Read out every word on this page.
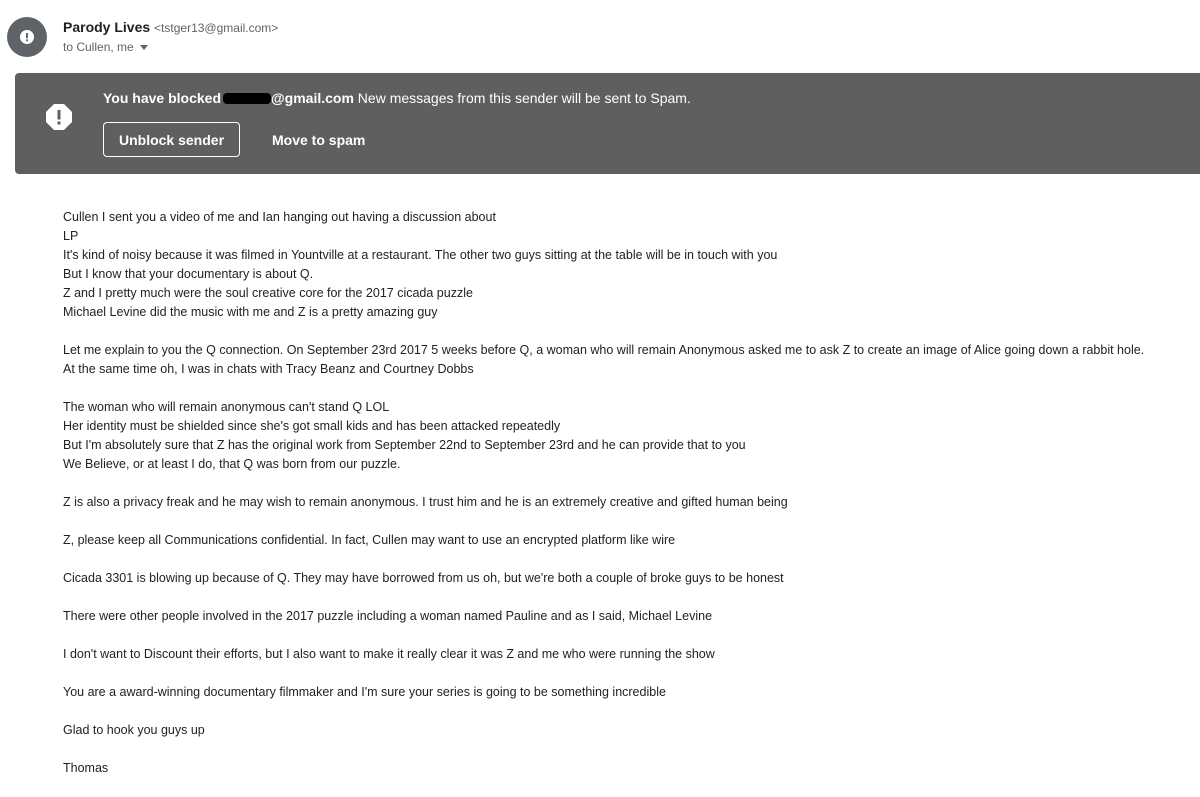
Parody Lives <tstger13@gmail.com>
to Cullen, me
You have blocked	@gmail.com New messages from this sender will be sent to Spam.
Unblock sender	Move to spam

Cullen I sent you a video of me and Ian hanging out having a discussion about
LP
It's kind of noisy because it was filmed in Yountville at a restaurant. The other two guys sitting at the table will be in touch with you
But I know that your documentary is about Q.
Z and I pretty much were the soul creative core for the 2017 cicada puzzle
Michael Levine did the music with me and Z is a pretty amazing guy

Let me explain to you the Q connection. On September 23rd 2017 5 weeks before Q, a woman who will remain Anonymous asked me to ask Z to create an image of Alice going down a rabbit hole.
At the same time oh, I was in chats with Tracy Beanz and Courtney Dobbs

The woman who will remain anonymous can't stand Q LOL
Her identity must be shielded since she's got small kids and has been attacked repeatedly
But I'm absolutely sure that Z has the original work from September 22nd to September 23rd and he can provide that to you
We Believe, or at least I do, that Q was born from our puzzle.

Z is also a privacy freak and he may wish to remain anonymous. I trust him and he is an extremely creative and gifted human being

Z, please keep all Communications confidential. In fact, Cullen may want to use an encrypted platform like wire

Cicada 3301 is blowing up because of Q. They may have borrowed from us oh, but we're both a couple of broke guys to be honest

There were other people involved in the 2017 puzzle including a woman named Pauline and as I said, Michael Levine

I don't want to Discount their efforts, but I also want to make it really clear it was Z and me who were running the show

You are a award-winning documentary filmmaker and I'm sure your series is going to be something incredible

Glad to hook you guys up

Thomas
